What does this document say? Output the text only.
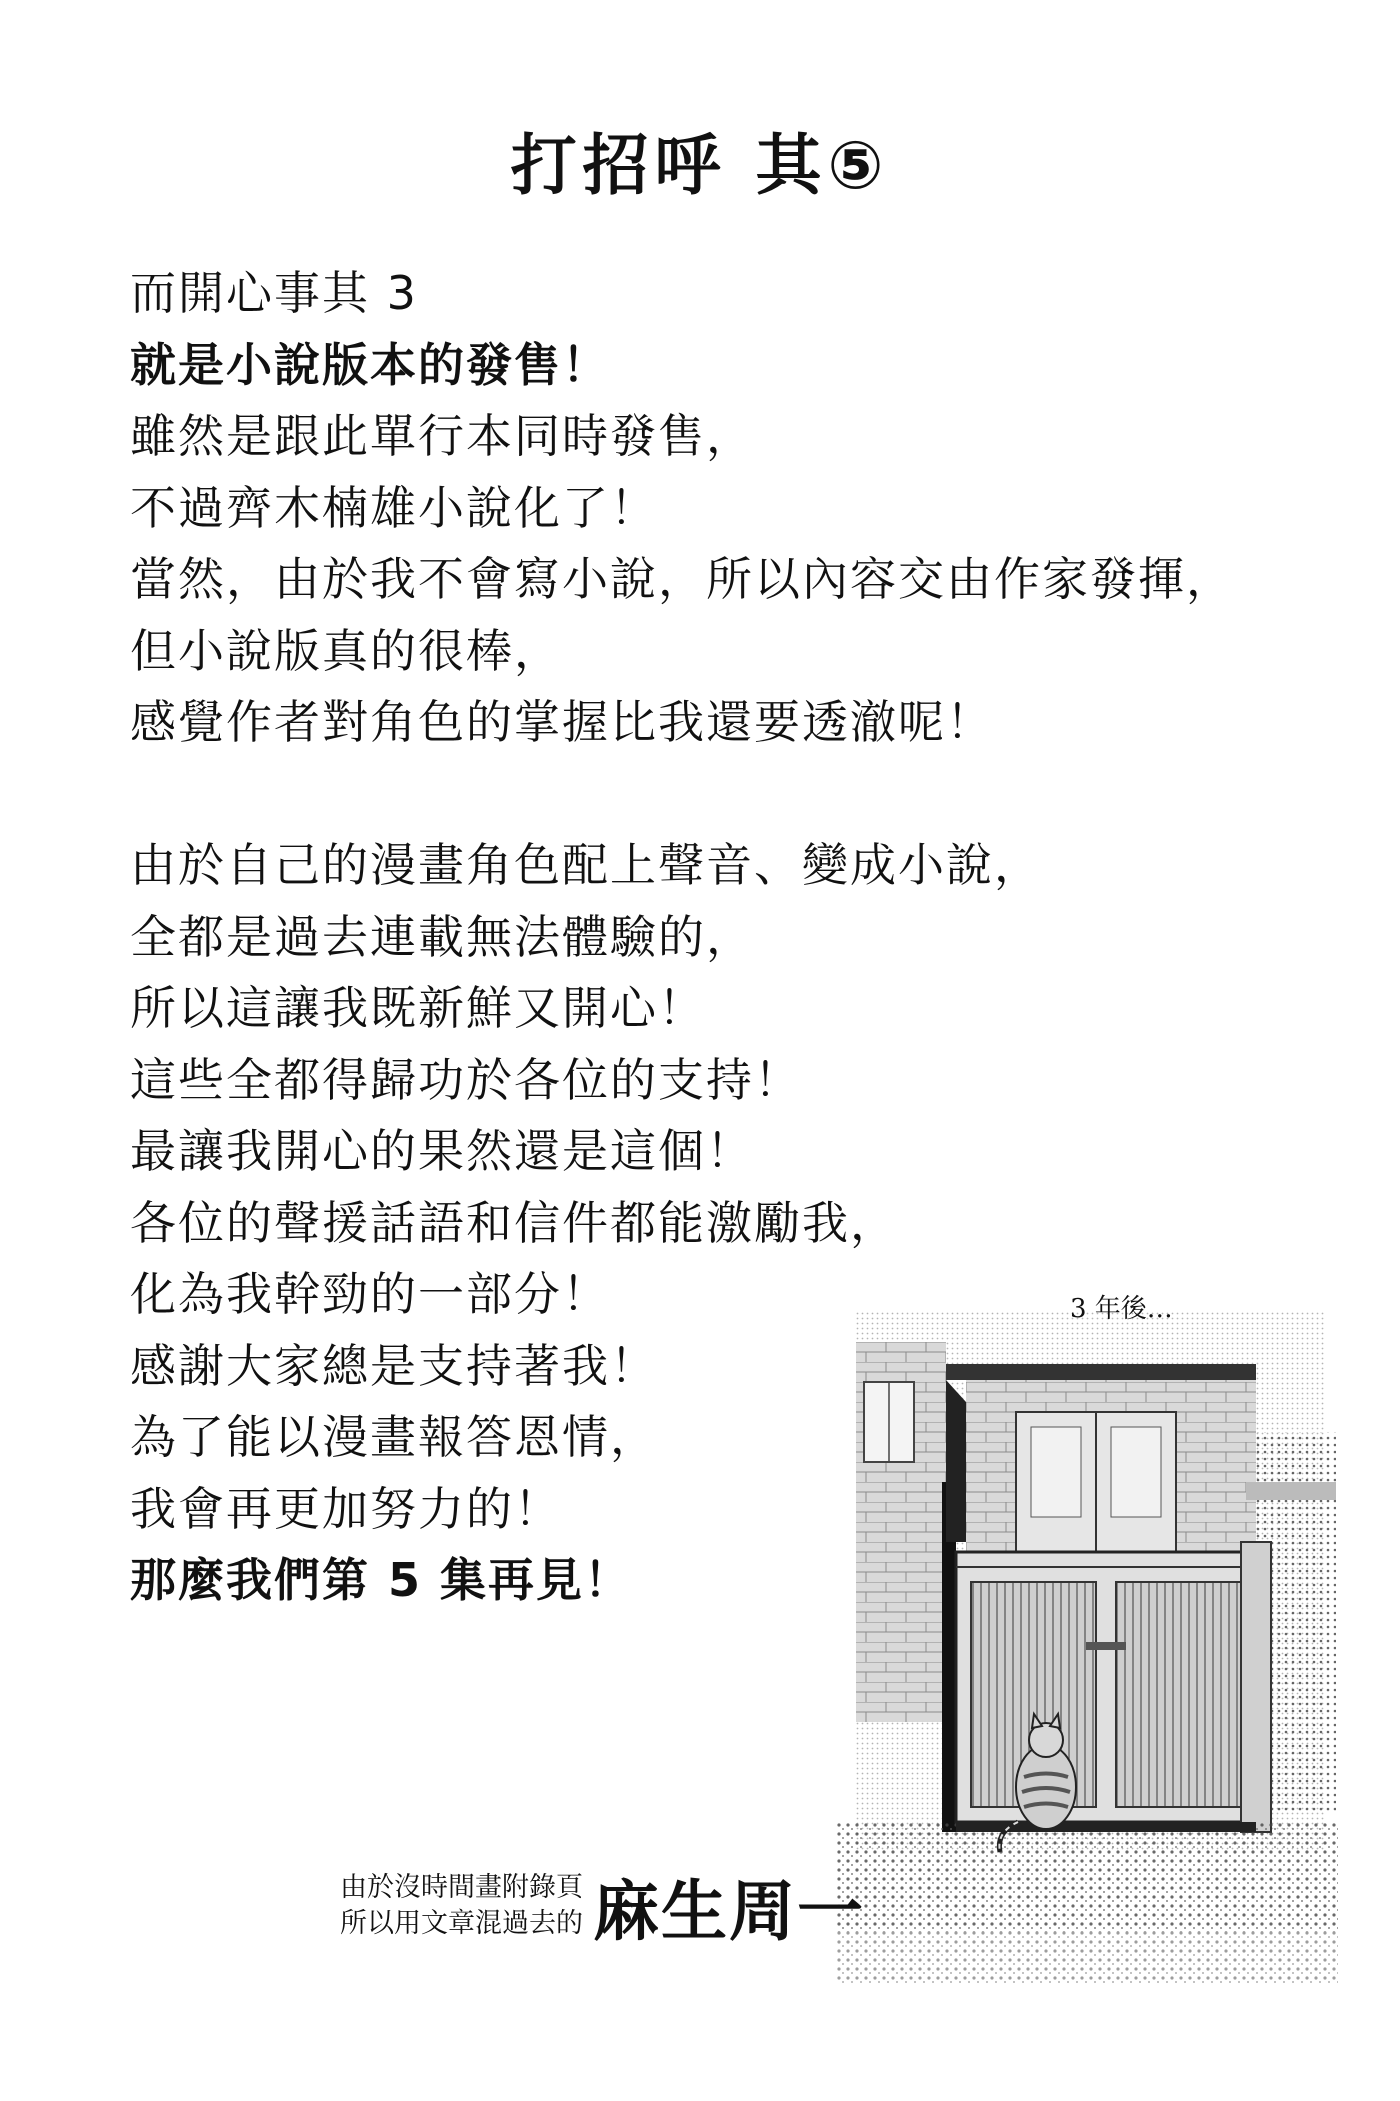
打招呼 其⑤
而開心事其 3
就是小說版本的發售！
雖然是跟此單行本同時發售，
不過齊木楠雄小說化了！
當然，由於我不會寫小說，所以內容交由作家發揮，
但小說版真的很棒，
感覺作者對角色的掌握比我還要透澈呢！
由於自己的漫畫角色配上聲音、變成小說，
全都是過去連載無法體驗的，
所以這讓我既新鮮又開心！
這些全都得歸功於各位的支持！
最讓我開心的果然還是這個！
各位的聲援話語和信件都能激勵我，
化為我幹勁的一部分！
感謝大家總是支持著我！
為了能以漫畫報答恩情，
我會再更加努力的！
那麼我們第 5 集再見！
3 年後…
由於沒時間畫附錄頁
所以用文章混過去的 麻生周一
